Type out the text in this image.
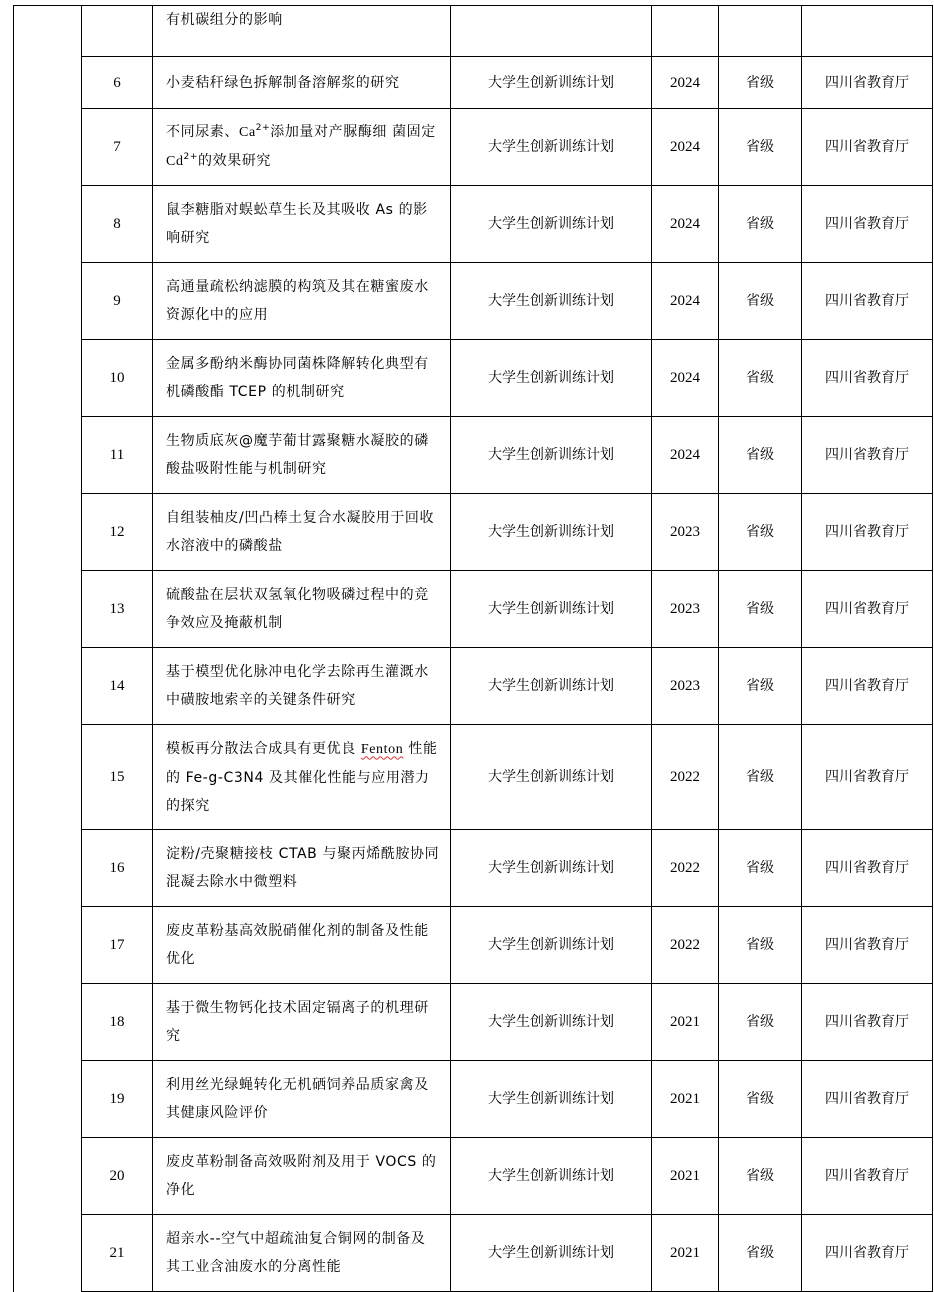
		有机碳组分的影响				
	6	小麦秸秆绿色拆解制备溶解浆的研究	大学生创新训练计划	2024	省级	四川省教育厅
	7	不同尿素、$Ca^{2+}$添加量对产脲酶细 菌固定 $Cd^{2+}$的效果研究	大学生创新训练计划	2024	省级	四川省教育厅
	8	鼠李糖脂对蜈蚣草生长及其吸收 As 的影响研究	大学生创新训练计划	2024	省级	四川省教育厅
	9	高通量疏松纳滤膜的构筑及其在糖蜜废水资源化中的应用	大学生创新训练计划	2024	省级	四川省教育厅
	10	金属多酚纳米酶协同菌株降解转化典型有机磷酸酯 TCEP 的机制研究	大学生创新训练计划	2024	省级	四川省教育厅
	11	生物质底灰@魔芋葡甘露聚糖水凝胶的磷酸盐吸附性能与机制研究	大学生创新训练计划	2024	省级	四川省教育厅
	12	自组装柚皮/凹凸棒土复合水凝胶用于回收水溶液中的磷酸盐	大学生创新训练计划	2023	省级	四川省教育厅
	13	硫酸盐在层状双氢氧化物吸磷过程中的竞争效应及掩蔽机制	大学生创新训练计划	2023	省级	四川省教育厅
	14	基于模型优化脉冲电化学去除再生灌溉水中磺胺地索辛的关键条件研究	大学生创新训练计划	2023	省级	四川省教育厅
	15	模板再分散法合成具有更优良 Fenton 性能的 Fe-g-C3N4 及其催化性能与应用潜力的探究	大学生创新训练计划	2022	省级	四川省教育厅
	16	淀粉/壳聚糖接枝 CTAB 与聚丙烯酰胺协同混凝去除水中微塑料	大学生创新训练计划	2022	省级	四川省教育厅
	17	废皮革粉基高效脱硝催化剂的制备及性能优化	大学生创新训练计划	2022	省级	四川省教育厅
	18	基于微生物钙化技术固定镉离子的机理研究	大学生创新训练计划	2021	省级	四川省教育厅
	19	利用丝光绿蝇转化无机硒饲养品质家禽及其健康风险评价	大学生创新训练计划	2021	省级	四川省教育厅
	20	废皮革粉制备高效吸附剂及用于 VOCS 的净化	大学生创新训练计划	2021	省级	四川省教育厅
	21	超亲水--空气中超疏油复合铜网的制备及其工业含油废水的分离性能	大学生创新训练计划	2021	省级	四川省教育厅
